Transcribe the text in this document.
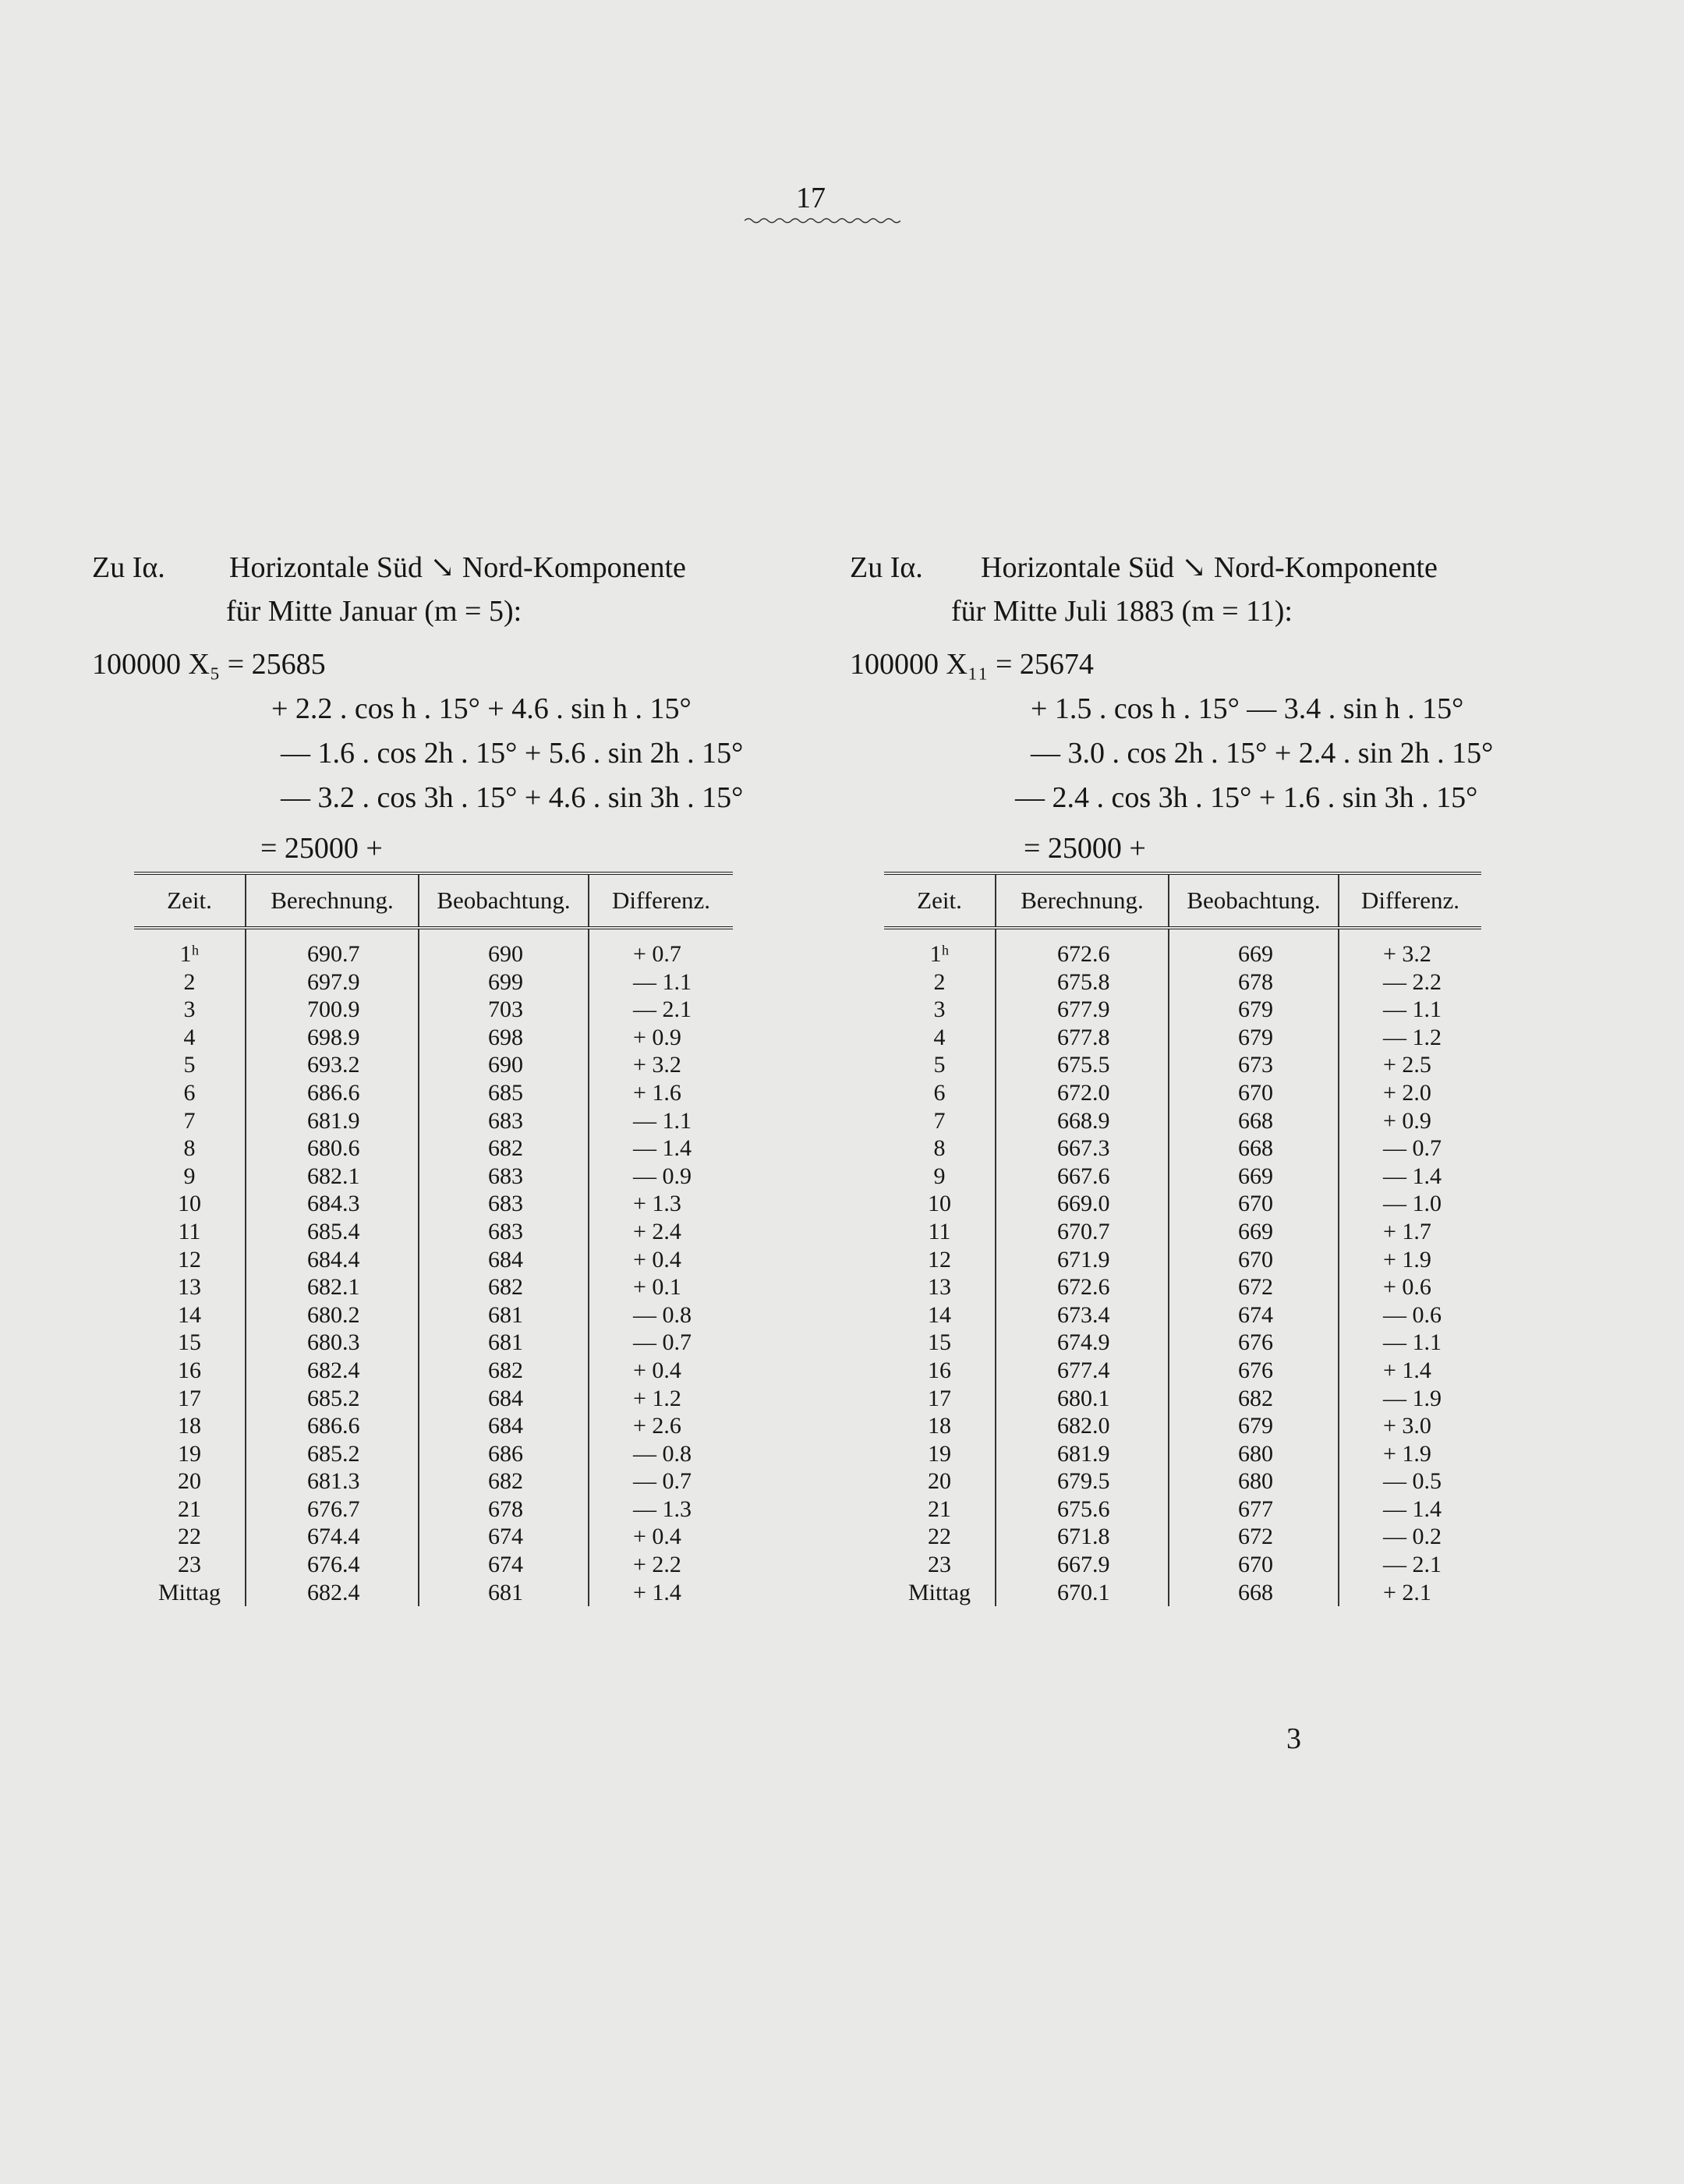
17
Zu Iα. Horizontale Süd ↘ Nord-Komponente
für Mitte Januar (m = 5):
100000 X₅ = 25685
+ 2.2 . cos h . 15° + 4.6 . sin h . 15°
— 1.6 . cos 2h . 15° + 5.6 . sin 2h . 15°
— 3.2 . cos 3h . 15° + 4.6 . sin 3h . 15°
= 25000 +
Zeit.	Berechnung.	Beobachtung.	Differenz.
1ʰ	690.7	690	+ 0.7
2	697.9	699	— 1.1
3	700.9	703	— 2.1
4	698.9	698	+ 0.9
5	693.2	690	+ 3.2
6	686.6	685	+ 1.6
7	681.9	683	— 1.1
8	680.6	682	— 1.4
9	682.1	683	— 0.9
10	684.3	683	+ 1.3
11	685.4	683	+ 2.4
12	684.4	684	+ 0.4
13	682.1	682	+ 0.1
14	680.2	681	— 0.8
15	680.3	681	— 0.7
16	682.4	682	+ 0.4
17	685.2	684	+ 1.2
18	686.6	684	+ 2.6
19	685.2	686	— 0.8
20	681.3	682	— 0.7
21	676.7	678	— 1.3
22	674.4	674	+ 0.4
23	676.4	674	+ 2.2
Mittag	682.4	681	+ 1.4
Zu Iα. Horizontale Süd ↘ Nord-Komponente
für Mitte Juli 1883 (m = 11):
100000 X₁₁ = 25674
+ 1.5 . cos h . 15° — 3.4 . sin h . 15°
— 3.0 . cos 2h . 15° + 2.4 . sin 2h . 15°
— 2.4 . cos 3h . 15° + 1.6 . sin 3h . 15°
= 25000 +
Zeit.	Berechnung.	Beobachtung.	Differenz.
1ʰ	672.6	669	+ 3.2
2	675.8	678	— 2.2
3	677.9	679	— 1.1
4	677.8	679	— 1.2
5	675.5	673	+ 2.5
6	672.0	670	+ 2.0
7	668.9	668	+ 0.9
8	667.3	668	— 0.7
9	667.6	669	— 1.4
10	669.0	670	— 1.0
11	670.7	669	+ 1.7
12	671.9	670	+ 1.9
13	672.6	672	+ 0.6
14	673.4	674	— 0.6
15	674.9	676	— 1.1
16	677.4	676	+ 1.4
17	680.1	682	— 1.9
18	682.0	679	+ 3.0
19	681.9	680	+ 1.9
20	679.5	680	— 0.5
21	675.6	677	— 1.4
22	671.8	672	— 0.2
23	667.9	670	— 2.1
Mittag	670.1	668	+ 2.1
3
